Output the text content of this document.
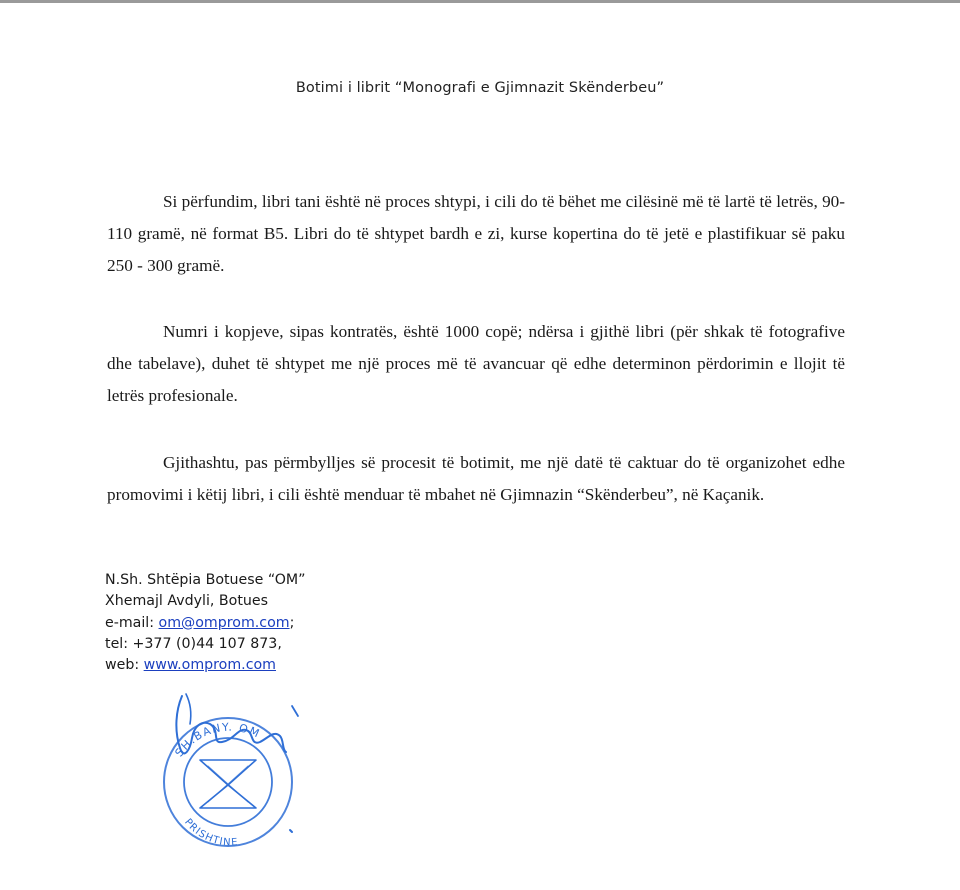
Botimi i librit “Monografi e Gjimnazit Skënderbeu”

Si përfundim, libri tani është në proces shtypi, i cili do të bëhet me cilësinë më të lartë të letrës, 90- 110 gramë, në format B5. Libri do të shtypet bardh e zi, kurse kopertina do të jetë e plastifikuar së paku 250 - 300 gramë.

Numri i kopjeve, sipas kontratës, është 1000 copë; ndërsa i gjithë libri (për shkak të fotografive dhe tabelave), duhet të shtypet me një proces më të avancuar që edhe determinon përdorimin e llojit të letrës profesionale.

Gjithashtu, pas përmbylljes së procesit të botimit, me një datë të caktuar do të organizohet edhe promovimi i këtij libri, i cili është menduar të mbahet në Gjimnazin “Skënderbeu”, në Kaçanik.

N.Sh. Shtëpia Botuese “OM”
Xhemajl Avdyli, Botues
e-mail: om@omprom.com;
tel: +377 (0)44 107 873,
web: www.omprom.com
SH.BANY. OM
PRISHTINE
